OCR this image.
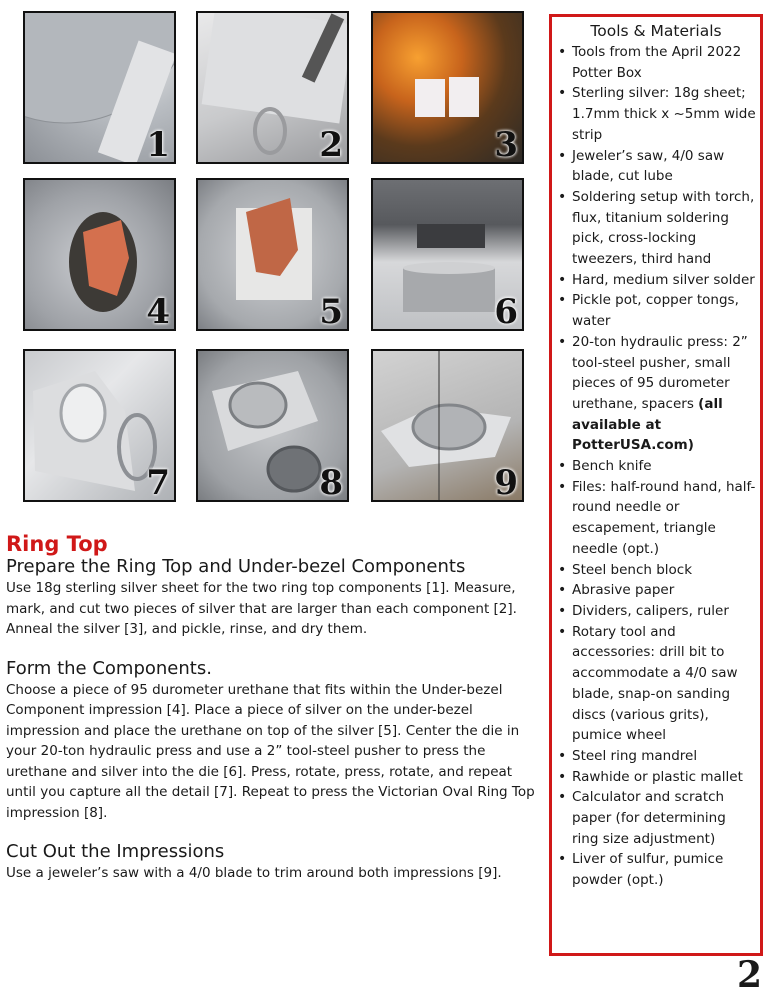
1	2	3
4	5	6
7	8	9
Tools & Materials
• Tools from the April 2022 Potter Box
• Sterling silver: 18g sheet; 1.7mm thick x ~5mm wide strip
• Jeweler’s saw, 4/0 saw blade, cut lube
• Soldering setup with torch, flux, titanium soldering pick, cross-locking tweezers, third hand
• Hard, medium silver solder
• Pickle pot, copper tongs, water
• 20-ton hydraulic press: 2” tool-steel pusher, small pieces of 95 durometer urethane, spacers (all available at PotterUSA.com)
• Bench knife
• Files: half-round hand, half-round needle or escapement, triangle needle (opt.)
• Steel bench block
• Abrasive paper
• Dividers, calipers, ruler
• Rotary tool and accessories: drill bit to accommodate a 4/0 saw blade, snap-on sanding discs (various grits), pumice wheel
• Steel ring mandrel
• Rawhide or plastic mallet
• Calculator and scratch paper (for determining ring size adjustment)
• Liver of sulfur, pumice powder (opt.)
Ring Top
Prepare the Ring Top and Under-bezel Components

Use 18g sterling silver sheet for the two ring top components [1]. Measure, mark, and cut two pieces of silver that are larger than each component [2]. Anneal the silver [3], and pickle, rinse, and dry them.

Form the Components.

Choose a piece of 95 durometer urethane that fits within the Under-bezel Component impression [4]. Place a piece of silver on the under-bezel impression and place the urethane on top of the silver [5]. Center the die in your 20-ton hydraulic press and use a 2” tool-steel pusher to press the urethane and silver into the die [6]. Press, rotate, press, rotate, and repeat until you capture all the detail [7]. Repeat to press the Victorian Oval Ring Top impression [8].

Cut Out the Impressions

Use a jeweler’s saw with a 4/0 blade to trim around both impressions [9].

2
